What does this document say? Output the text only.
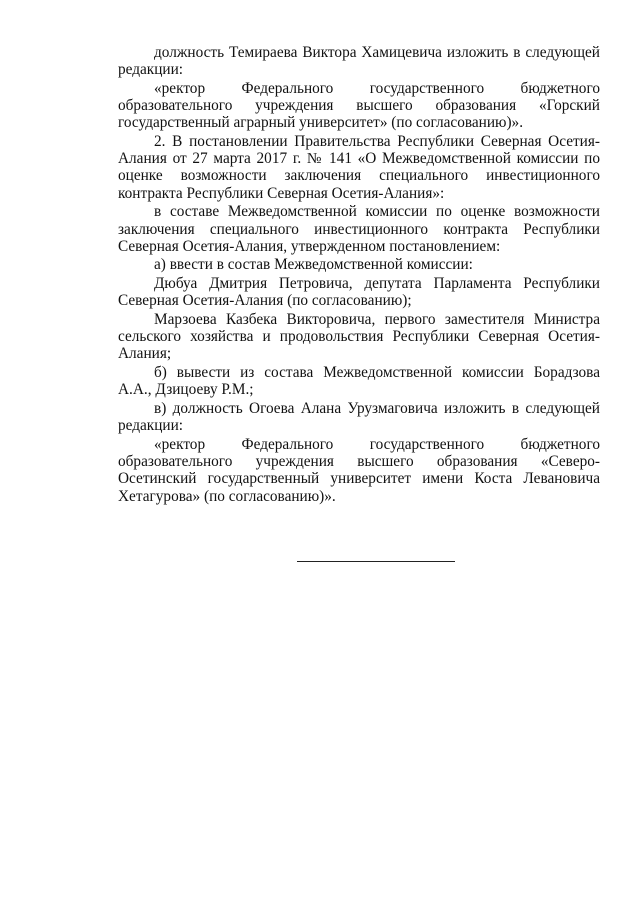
должность Темираева Виктора Хамицевича изложить в следующей редакции:

«ректор Федерального государственного бюджетного образовательного учреждения высшего образования «Горский государственный аграрный университет» (по согласованию)».

2. В постановлении Правительства Республики Северная Осетия-Алания от 27 марта 2017 г. № 141 «О Межведомственной комиссии по оценке возможности заключения специального инвестиционного контракта Республики Северная Осетия-Алания»:

в составе Межведомственной комиссии по оценке возможности заключения специального инвестиционного контракта Республики Северная Осетия-Алания, утвержденном постановлением:

а) ввести в состав Межведомственной комиссии:

Дюбуа Дмитрия Петровича, депутата Парламента Республики Северная Осетия-Алания (по согласованию);

Марзоева Казбека Викторовича, первого заместителя Министра сельского хозяйства и продовольствия Республики Северная Осетия-Алания;

б) вывести из состава Межведомственной комиссии Борадзова А.А., Дзицоеву Р.М.;

в) должность Огоева Алана Урузмаговича изложить в следующей редакции:

«ректор Федерального государственного бюджетного образовательного учреждения высшего образования «Северо-Осетинский государственный университет имени Коста Левановича Хетагурова» (по согласованию)».
